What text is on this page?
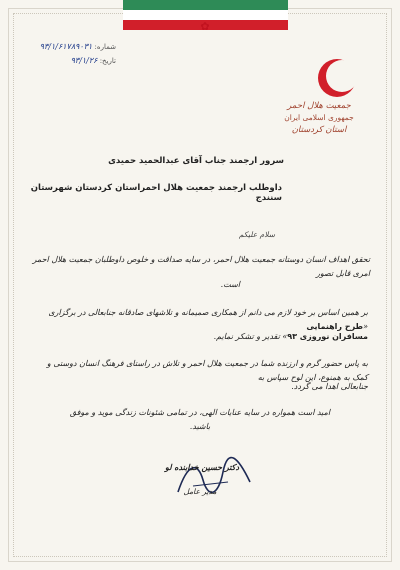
✿
شماره: ۹۳/۱/۶۱۷۸۹۰۳۱
تاریخ: ۹۳/۱/۲۶
جمعیت هلال احمر
جمهوری اسلامی ایران
استان کردستان
سرور ارجمند جناب آقای عبدالحمید حمیدی
داوطلب ارجمند جمعیت هلال احمراستان کردستان شهرستان سنندج
سلام علیکم
تحقق اهداف انسان دوستانه جمعیت هلال احمر، در سایه صداقت و خلوص داوطلبان جمعیت هلال احمر امری قابل تصور
است.
بر همین اساس بر خود لازم می دانم از همکاری صمیمانه و تلاشهای صادقانه جنابعالی در برگزاری «طرح راهنمایی
مسافران نوروزی ۹۳» تقدیر و تشکر نمایم.
به پاس حضور گرم و ارزنده شما در جمعیت هلال احمر و تلاش در راستای فرهنگ انسان دوستی و کمک به همنوع، این لوح سپاس به
جنابعالی اهدا می گردد.
امید است همواره در سایه عنایات الهی، در تمامی شئونات زندگی موید و موفق باشید.
دکتر حسین خدابنده لو
مدیر عامل
